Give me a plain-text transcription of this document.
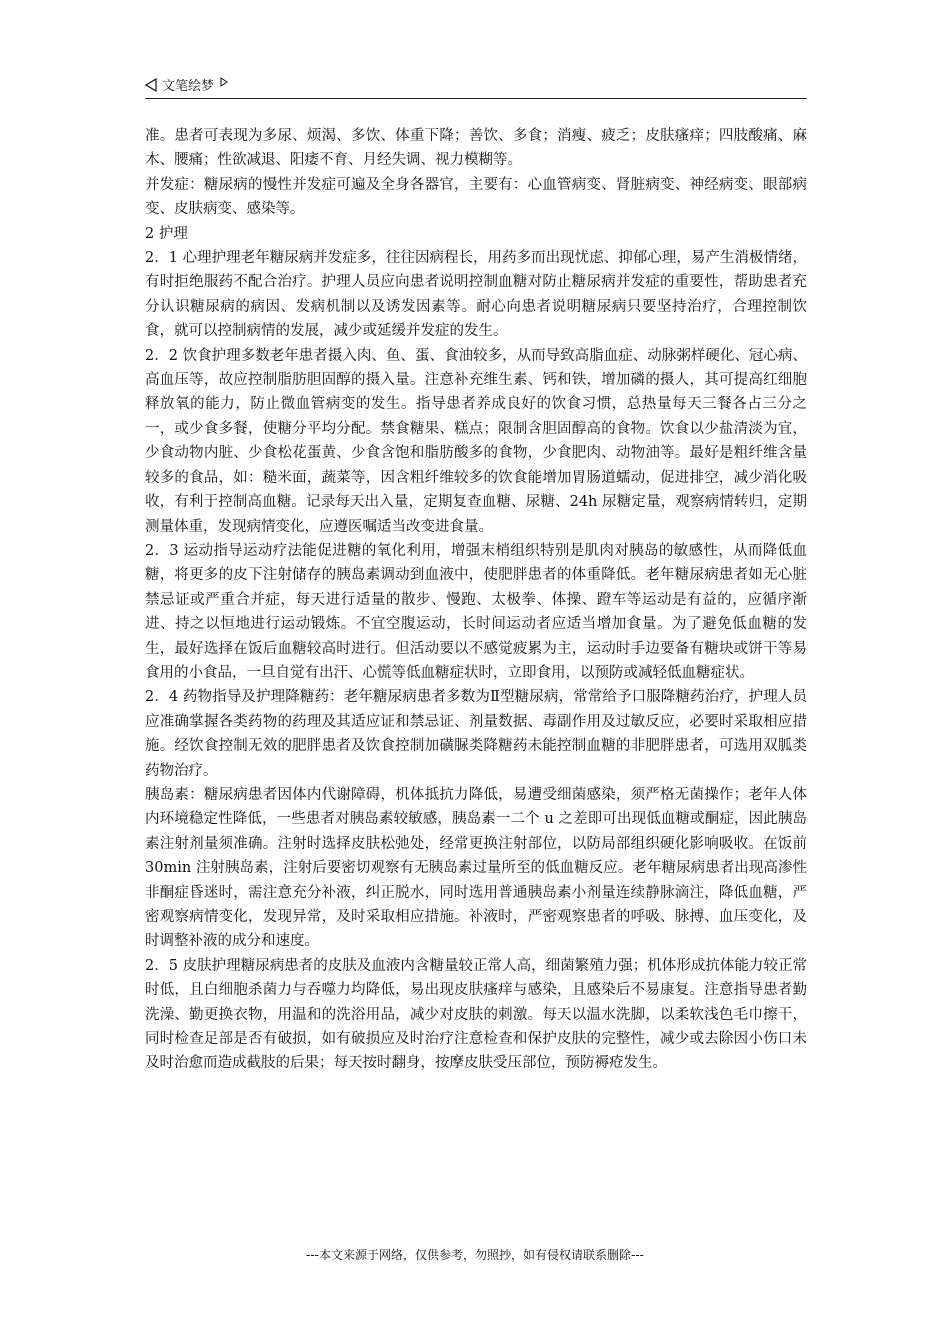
文笔绘梦

准。患者可表现为多尿、烦渴、多饮、体重下降；善饮、多食；消瘦、疲乏；皮肤瘙痒；四肢酸痛、麻木、腰痛；性欲减退、阳痿不育、月经失调、视力模糊等。

并发症：糖尿病的慢性并发症可遍及全身各器官，主要有：心血管病变、肾脏病变、神经病变、眼部病变、皮肤病变、感染等。

2 护理

2．1 心理护理老年糖尿病并发症多，往往因病程长，用药多而出现忧虑、抑郁心理，易产生消极情绪，有时拒绝服药不配合治疗。护理人员应向患者说明控制血糖对防止糖尿病并发症的重要性，帮助患者充分认识糖尿病的病因、发病机制以及诱发因素等。耐心向患者说明糖尿病只要坚持治疗，合理控制饮食，就可以控制病情的发展，减少或延缓并发症的发生。

2．2 饮食护理多数老年患者摄入肉、鱼、蛋、食油较多，从而导致高脂血症、动脉粥样硬化、冠心病、高血压等，故应控制脂肪胆固醇的摄入量。注意补充维生素、钙和铁，增加磷的摄人，其可提高红细胞释放氧的能力，防止微血管病变的发生。指导患者养成良好的饮食习惯，总热量每天三餐各占三分之一，或少食多餐，使糖分平均分配。禁食糖果、糕点；限制含胆固醇高的食物。饮食以少盐清淡为宜，少食动物内脏、少食松花蛋黄、少食含饱和脂肪酸多的食物，少食肥肉、动物油等。最好是粗纤维含量较多的食品，如：糙米面，蔬菜等，因含粗纤维较多的饮食能增加胃肠道蠕动，促进排空，减少消化吸收，有利于控制高血糖。记录每天出入量，定期复查血糖、尿糖、24h 尿糖定量，观察病情转归，定期测量体重，发现病情变化，应遵医嘱适当改变进食量。

2．3 运动指导运动疗法能促进糖的氧化利用，增强末梢组织特别是肌肉对胰岛的敏感性，从而降低血糖，将更多的皮下注射储存的胰岛素调动到血液中，使肥胖患者的体重降低。老年糖尿病患者如无心脏禁忌证或严重合并症，每天进行适量的散步、慢跑、太极拳、体操、蹬车等运动是有益的，应循序渐进、持之以恒地进行运动锻炼。不宜空腹运动，长时间运动者应适当增加食量。为了避免低血糖的发生，最好选择在饭后血糖较高时进行。但活动要以不感觉疲累为主，运动时手边要备有糖块或饼干等易食用的小食品，一旦自觉有出汗、心慌等低血糖症状时，立即食用，以预防或减轻低血糖症状。

2．4 药物指导及护理降糖药：老年糖尿病患者多数为Ⅱ型糖尿病，常常给予口服降糖药治疗，护理人员应准确掌握各类药物的药理及其适应证和禁忌证、剂量数据、毒副作用及过敏反应，必要时采取相应措施。经饮食控制无效的肥胖患者及饮食控制加磺脲类降糖药未能控制血糖的非肥胖患者，可选用双胍类药物治疗。

胰岛素：糖尿病患者因体内代谢障碍，机体抵抗力降低，易遭受细菌感染，须严格无菌操作；老年人体内环境稳定性降低，一些患者对胰岛素较敏感，胰岛素一二个 u 之差即可出现低血糖或酮症，因此胰岛素注射剂量须准确。注射时选择皮肤松弛处，经常更换注射部位，以防局部组织硬化影响吸收。在饭前 30min 注射胰岛素，注射后要密切观察有无胰岛素过量所至的低血糖反应。老年糖尿病患者出现高渗性非酮症昏迷时，需注意充分补液，纠正脱水，同时选用普通胰岛素小剂量连续静脉滴注，降低血糖，严密观察病情变化，发现异常，及时采取相应措施。补液时，严密观察患者的呼吸、脉搏、血压变化，及时调整补液的成分和速度。

2．5 皮肤护理糖尿病患者的皮肤及血液内含糖量较正常人高，细菌繁殖力强；机体形成抗体能力较正常时低，且白细胞杀菌力与吞噬力均降低，易出现皮肤瘙痒与感染，且感染后不易康复。注意指导患者勤洗澡、勤更换衣物，用温和的洗浴用品，减少对皮肤的刺激。每天以温水洗脚，以柔软浅色毛巾擦干，同时检查足部是否有破损，如有破损应及时治疗注意检查和保护皮肤的完整性，减少或去除因小伤口未及时治愈而造成截肢的后果；每天按时翻身，按摩皮肤受压部位，预防褥疮发生。

---本文来源于网络，仅供参考，勿照抄，如有侵权请联系删除---
